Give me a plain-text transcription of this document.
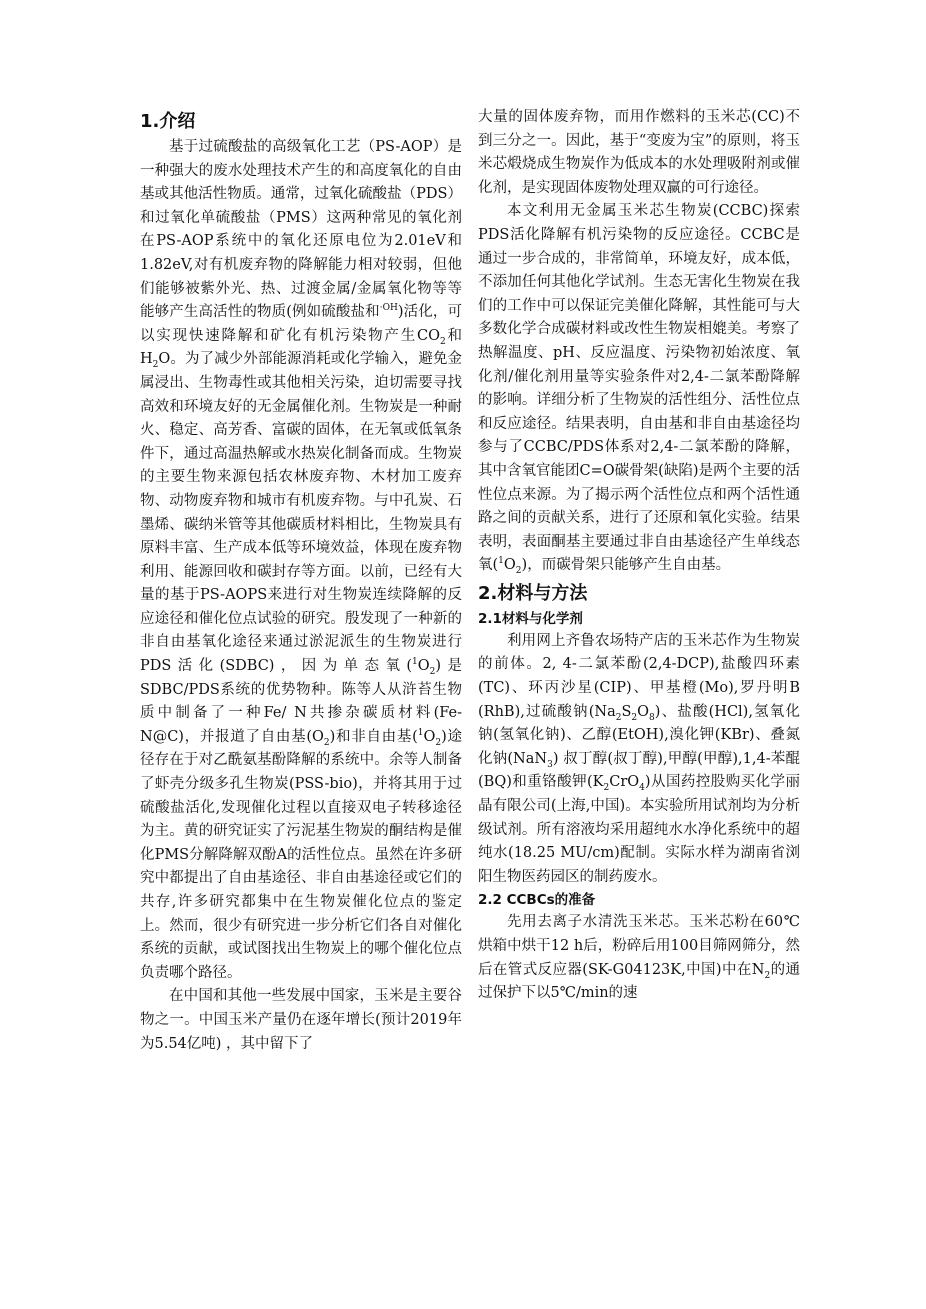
1.介绍

基于过硫酸盐的高级氧化工艺（PS-AOP）是一种强大的废水处理技术产生的和高度氧化的自由基或其他活性物质。通常，过氧化硫酸盐（PDS）和过氧化单硫酸盐（PMS）这两种常见的氧化剂在PS-AOP系统中的氧化还原电位为2.01eV和1.82eV,对有机废弃物的降解能力相对较弱，但他们能够被紫外光、热、过渡金属/金属氧化物等等能够产生高活性的物质(例如硫酸盐和$^{\cdot OH}$)活化，可以实现快速降解和矿化有机污染物产生$CO_2$和$H_2O$。为了减少外部能源消耗或化学输入，避免金属浸出、生物毒性或其他相关污染，迫切需要寻找高效和环境友好的无金属催化剂。生物炭是一种耐火、稳定、高芳香、富碳的固体，在无氧或低氧条件下，通过高温热解或水热炭化制备而成。生物炭的主要生物来源包括农林废弃物、木材加工废弃物、动物废弃物和城市有机废弃物。与中孔炭、石墨烯、碳纳米管等其他碳质材料相比，生物炭具有原料丰富、生产成本低等环境效益，体现在废弃物利用、能源回收和碳封存等方面。以前，已经有大量的基于PS-AOPS来进行对生物炭连续降解的反应途径和催化位点试验的研究。殷发现了一种新的非自由基氧化途径来通过淤泥派生的生物炭进行PDS活化(SDBC)，因为单态氧$(^1O_2)$是SDBC/PDS系统的优势物种。陈等人从浒苔生物质中制备了一种Fe/ N共掺杂碳质材料(Fe-N@C)，并报道了自由基$(O_2)$和非自由基$(^1O_2)$途径存在于对乙酰氨基酚降解的系统中。余等人制备了虾壳分级多孔生物炭(PSS-bio)，并将其用于过硫酸盐活化,发现催化过程以直接双电子转移途径为主。黄的研究证实了污泥基生物炭的酮结构是催化PMS分解降解双酚A的活性位点。虽然在许多研究中都提出了自由基途径、非自由基途径或它们的共存,许多研究都集中在生物炭催化位点的鉴定上。然而，很少有研究进一步分析它们各自对催化系统的贡献，或试图找出生物炭上的哪个催化位点负责哪个路径。

在中国和其他一些发展中国家，玉米是主要谷物之一。中国玉米产量仍在逐年增长(预计2019年为5.54亿吨) ，其中留下了

大量的固体废弃物，而用作燃料的玉米芯(CC)不到三分之一。因此，基于“变废为宝”的原则，将玉米芯煅烧成生物炭作为低成本的水处理吸附剂或催化剂，是实现固体废物处理双赢的可行途径。

本文利用无金属玉米芯生物炭(CCBC)探索PDS活化降解有机污染物的反应途径。CCBC是通过一步合成的，非常简单，环境友好，成本低，不添加任何其他化学试剂。生态无害化生物炭在我们的工作中可以保证完美催化降解，其性能可与大多数化学合成碳材料或改性生物炭相媲美。考察了热解温度、pH、反应温度、污染物初始浓度、氧化剂/催化剂用量等实验条件对2,4-二氯苯酚降解的影响。详细分析了生物炭的活性组分、活性位点和反应途径。结果表明，自由基和非自由基途径均参与了CCBC/PDS体系对2,4-二氯苯酚的降解，其中含氧官能团C=O碳骨架(缺陷)是两个主要的活性位点来源。为了揭示两个活性位点和两个活性通路之间的贡献关系，进行了还原和氧化实验。结果表明，表面酮基主要通过非自由基途径产生单线态氧$(^1O_2)$，而碳骨架只能够产生自由基。

2.材料与方法
2.1材料与化学剂

利用网上齐鲁农场特产店的玉米芯作为生物炭的前体。2, 4-二氯苯酚(2,4-DCP),盐酸四环素(TC)、环丙沙星(CIP)、甲基橙(Mo),罗丹明B (RhB),过硫酸钠$(Na_2S_2O_8)$、盐酸(HCl),氢氧化钠(氢氧化钠)、乙醇(EtOH),溴化钾(KBr)、叠氮化钠(NaN$_3$) 叔丁醇(叔丁醇),甲醇(甲醇),1,4-苯醌(BQ)和重铬酸钾$(K_2CrO_4)$从国药控股购买化学丽晶有限公司(上海,中国)。本实验所用试剂均为分析级试剂。所有溶液均采用超纯水水净化系统中的超纯水(18.25 MU/cm)配制。实际水样为湖南省浏阳生物医药园区的制药废水。

2.2 CCBCs的准备

先用去离子水清洗玉米芯。玉米芯粉在60℃烘箱中烘干12 h后，粉碎后用100目筛网筛分，然后在管式反应器(SK-G04123K,中国)中在$N_2$的通过保护下以5℃/min的速
